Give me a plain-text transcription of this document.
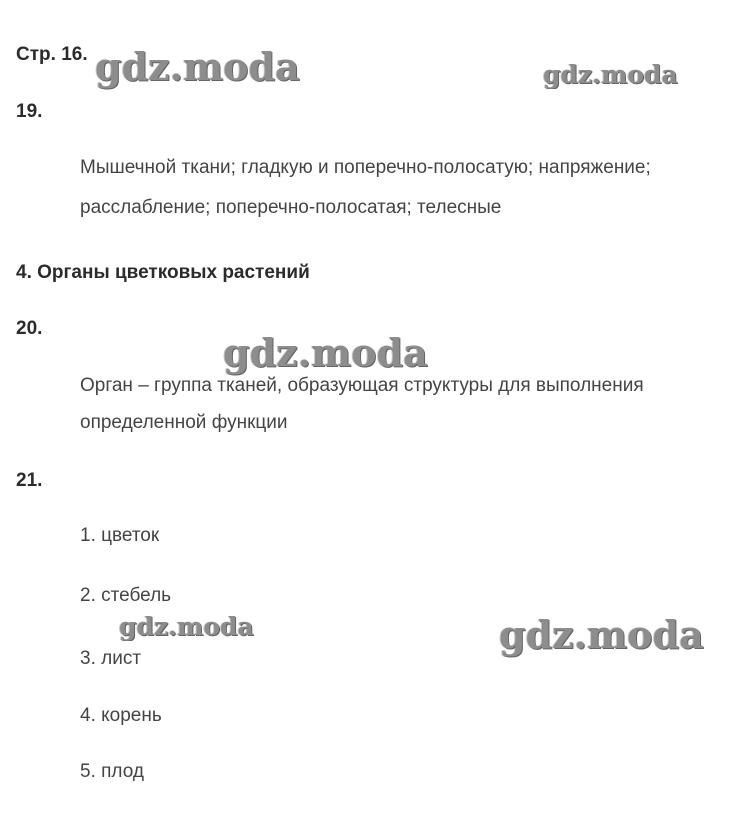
Стр. 16.
19.
Мышечной ткани; гладкую и поперечно-полосатую; напряжение;
расслабление; поперечно-полосатая; телесные
4. Органы цветковых растений
20.
Орган – группа тканей, образующая структуры для выполнения
определенной функции
21.
1. цветок
2. стебель
3. лист
4. корень
5. плод
gdz.moda	gdz.moda
gdz.moda
gdz.moda	gdz.moda
